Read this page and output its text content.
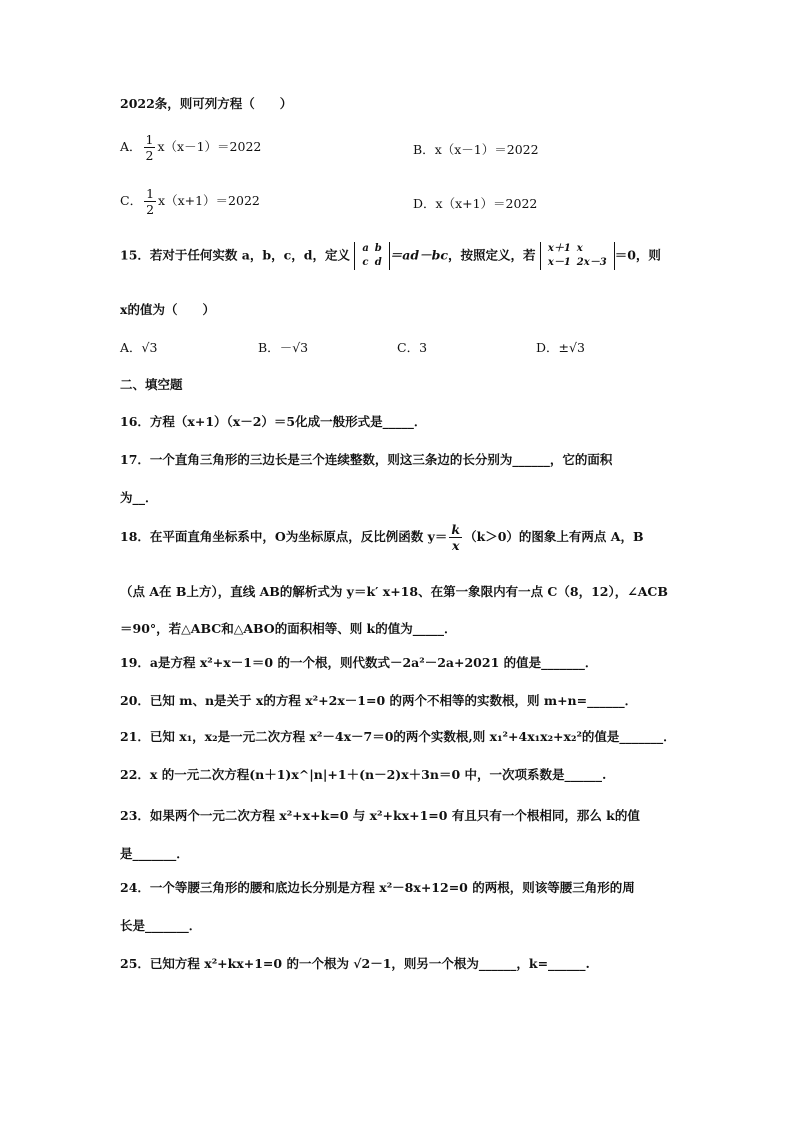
2022条，则可列方程（　　）
A． $\frac{1}{2} x(x-1)=2022$	B．x（x－1）＝2022
C． $\frac{1}{2} x(x+1)=2022$	D．x（x+1）＝2022
15．若对于任何实数 a，b，c，d，定义 a	b
c	d ＝ad－bc，按照定义，若 x＋1	x
x－1	2x－3 ＝0，则
x的值为（　　）
A．√3	B．－√3	C．3	D．±√3
二、填空题
16．方程（x+1）（x－2）＝5化成一般形式是_____．
17．一个直角三角形的三边长是三个连续整数，则这三条边的长分别为______，它的面积
为__．
18．在平面直角坐标系中，O为坐标原点，反比例函数 $y= \frac{k}{x} (k>0)$的图象上有两点 A，B
（点 A在 B上方），直线 AB的解析式为 y＝k′ x+18、在第一象限内有一点 C（8，12），∠ACB
＝90°，若△ABC和△ABO的面积相等、则 k的值为_____．
19．a是方程 x²+x－1＝0 的一个根，则代数式－2a²－2a+2021 的值是_______．
20．已知 m、n是关于 x的方程 x²+2x－1=0 的两个不相等的实数根，则 m+n=______．
21．已知 x₁，x₂是一元二次方程 x²－4x－7＝0的两个实数根,则 x₁²+4x₁x₂+x₂²的值是_______．
22．x 的一元二次方程(n＋1)x^|n|+1＋(n－2)x＋3n＝0 中，一次项系数是______.
23．如果两个一元二次方程 x²+x+k=0 与 x²+kx+1=0 有且只有一个根相同，那么 k的值
是_______．
24．一个等腰三角形的腰和底边长分别是方程 x²－8x+12=0 的两根，则该等腰三角形的周
长是_______．
25．已知方程 x²+kx+1=0 的一个根为 √2－1，则另一个根为______，k=______.
